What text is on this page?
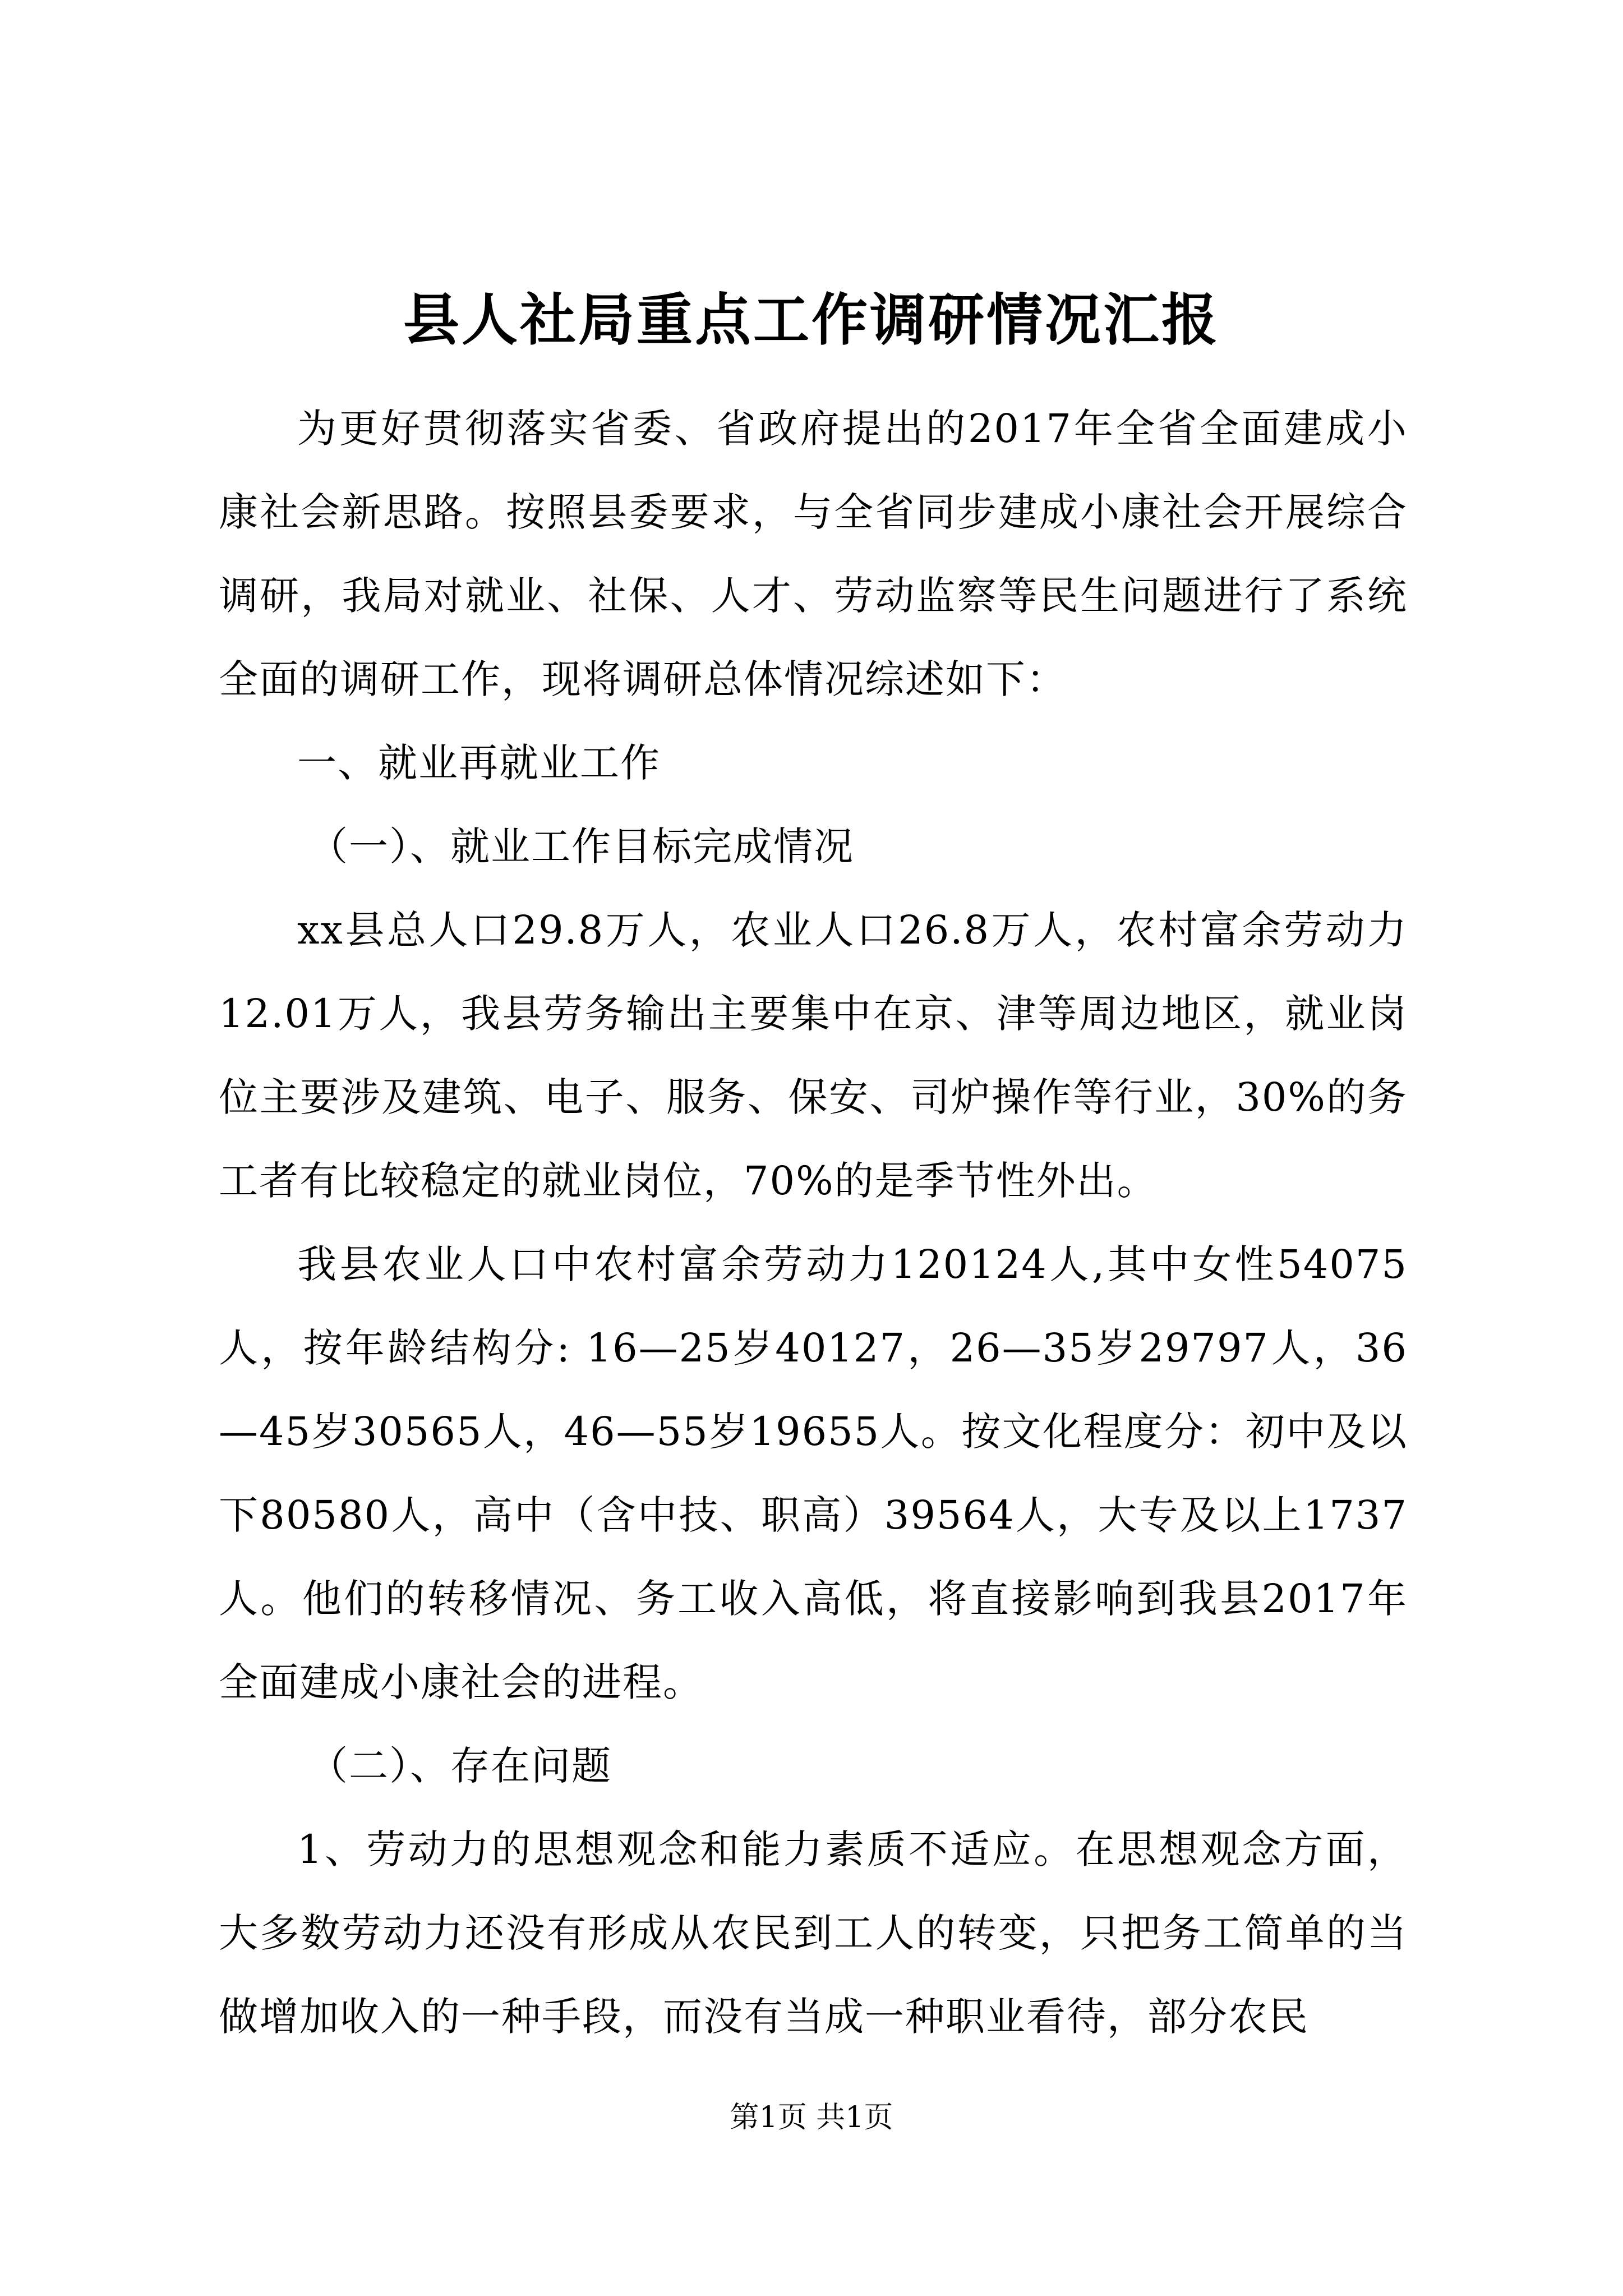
县人社局重点工作调研情况汇报

为更好贯彻落实省委、省政府提出的2017年全省全面建成小康社会新思路。按照县委要求，与全省同步建成小康社会开展综合调研，我局对就业、社保、人才、劳动监察等民生问题进行了系统全面的调研工作，现将调研总体情况综述如下：

一、就业再就业工作

（一）、就业工作目标完成情况

xx县总人口29.8万人，农业人口26.8万人，农村富余劳动力12.01万人，我县劳务输出主要集中在京、津等周边地区，就业岗位主要涉及建筑、电子、服务、保安、司炉操作等行业，30%的务工者有比较稳定的就业岗位，70%的是季节性外出。

我县农业人口中农村富余劳动力120124人,其中女性54075人，按年龄结构分: 16—25岁40127，26—35岁29797人，36—45岁30565人，46—55岁19655人。按文化程度分：初中及以下80580人，高中（含中技、职高）39564人，大专及以上1737人。他们的转移情况、务工收入高低，将直接影响到我县2017年全面建成小康社会的进程。

（二）、存在问题

1、劳动力的思想观念和能力素质不适应。在思想观念方面，大多数劳动力还没有形成从农民到工人的转变，只把务工简单的当做增加收入的一种手段，而没有当成一种职业看待，部分农民

第1页 共1页
